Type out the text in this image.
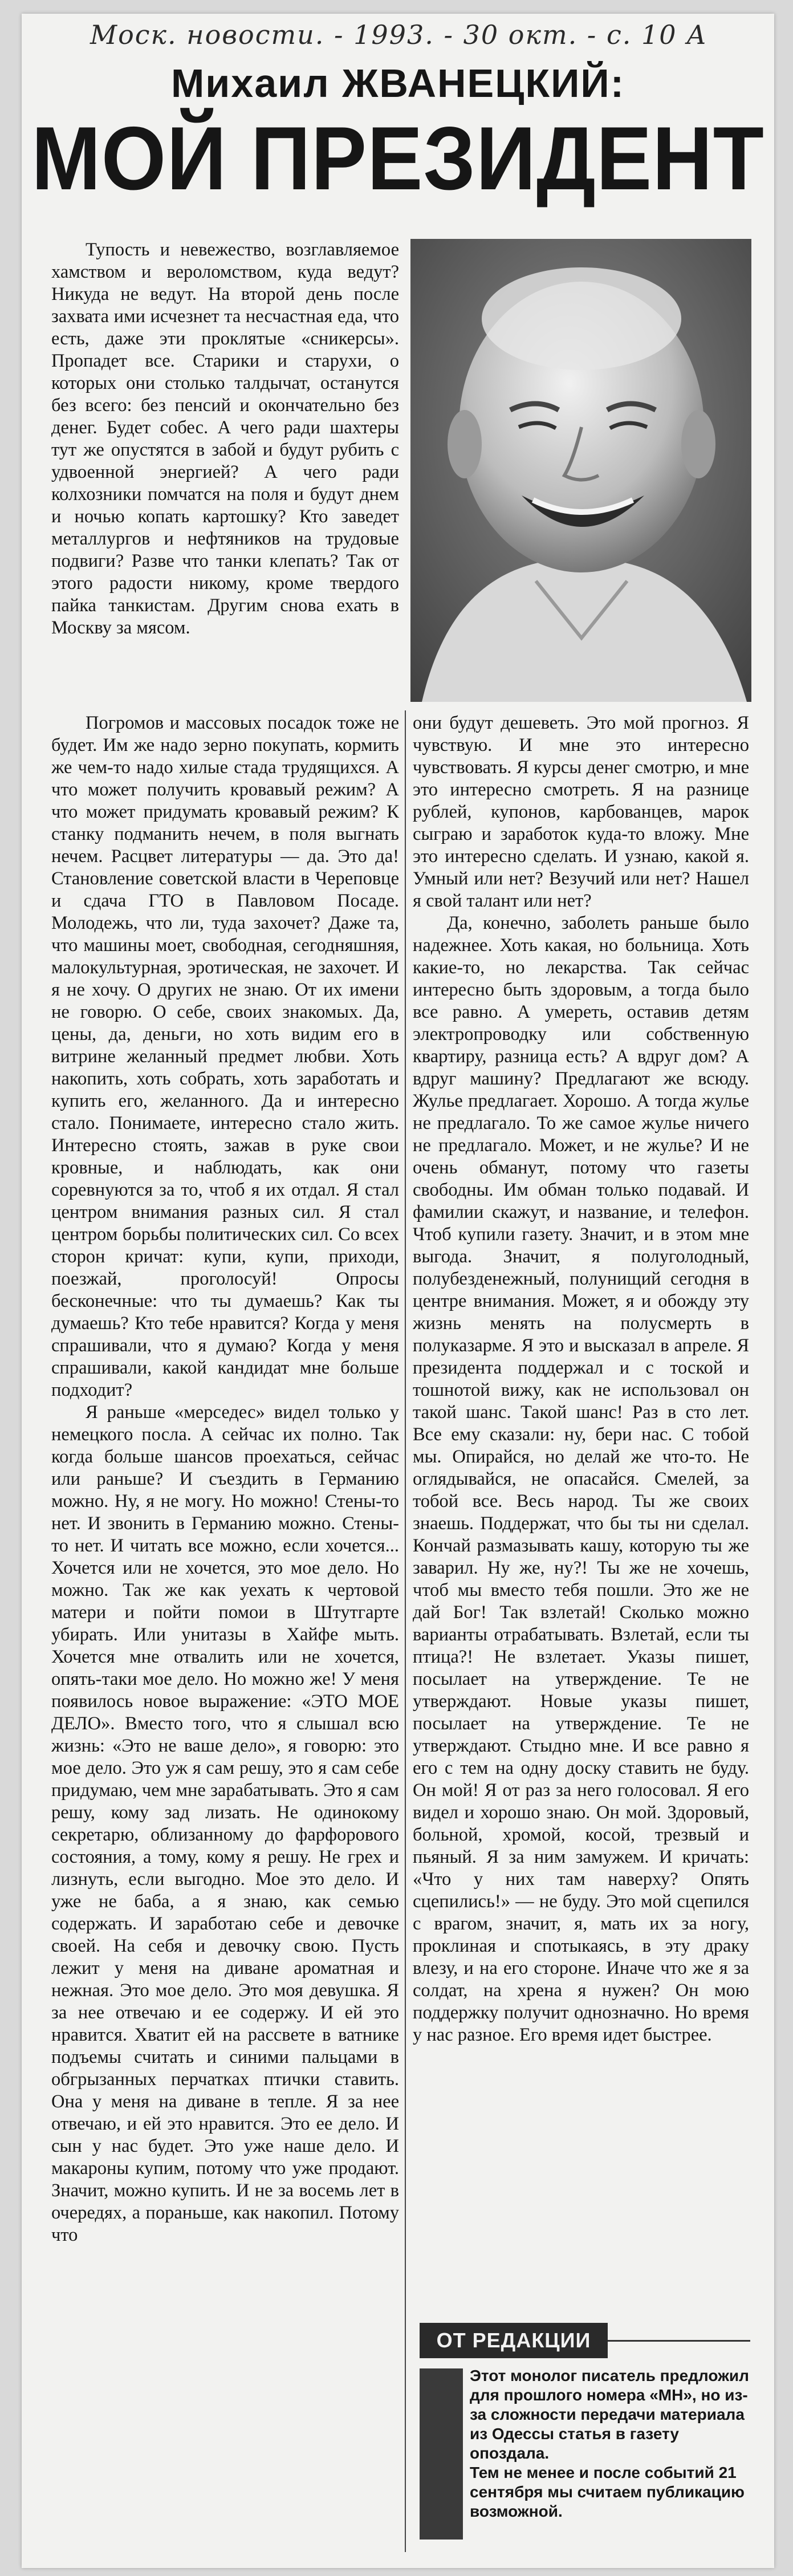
Моск. новости. - 1993. - 30 окт. - с. 10 А
Михаил ЖВАНЕЦКИЙ:
МОЙ ПРЕЗИДЕНТ

Тупость и невежество, возглавляемое хамством и вероломством, куда ведут? Никуда не ведут. На второй день после захвата ими исчезнет та несчастная еда, что есть, даже эти проклятые «сникерсы». Пропадет все. Старики и старухи, о которых они столько талдычат, останутся без всего: без пенсий и окончательно без денег. Будет собес. А чего ради шахтеры тут же опустятся в забой и будут рубить с удвоенной энергией? А чего ради колхозники помчатся на поля и будут днем и ночью копать картошку? Кто заведет металлургов и нефтяников на трудовые подвиги? Разве что танки клепать? Так от этого радости никому, кроме твердого пайка танкистам. Другим снова ехать в Москву за мясом.

Погромов и массовых посадок тоже не будет. Им же надо зерно покупать, кормить же чем-то надо хилые стада трудящихся. А что может получить кровавый режим? А что может придумать кровавый режим? К станку подманить нечем, в поля выгнать нечем. Расцвет литературы — да. Это да! Становление советской власти в Череповце и сдача ГТО в Павловом Посаде. Молодежь, что ли, туда захочет? Даже та, что машины моет, свободная, сегодняшняя, малокультурная, эротическая, не захочет. И я не хочу. О других не знаю. От их имени не говорю. О себе, своих знакомых. Да, цены, да, деньги, но хоть видим его в витрине желанный предмет любви. Хоть накопить, хоть собрать, хоть заработать и купить его, желанного. Да и интересно стало. Понимаете, интересно стало жить. Интересно стоять, зажав в руке свои кровные, и наблюдать, как они соревнуются за то, чтоб я их отдал. Я стал центром внимания разных сил. Я стал центром борьбы политических сил. Со всех сторон кричат: купи, купи, приходи, поезжай, проголосуй! Опросы бесконечные: что ты думаешь? Как ты думаешь? Кто тебе нравится? Когда у меня спрашивали, что я думаю? Когда у меня спрашивали, какой кандидат мне больше подходит?

Я раньше «мерседес» видел только у немецкого посла. А сейчас их полно. Так когда больше шансов проехаться, сейчас или раньше? И съездить в Германию можно. Ну, я не могу. Но можно! Стены-то нет. И звонить в Германию можно. Стены-то нет. И читать все можно, если хочется... Хочется или не хочется, это мое дело. Но можно. Так же как уехать к чертовой матери и пойти помои в Штутгарте убирать. Или унитазы в Хайфе мыть. Хочется мне отвалить или не хочется, опять-таки мое дело. Но можно же! У меня появилось новое выражение: «ЭТО МОЕ ДЕЛО». Вместо того, что я слышал всю жизнь: «Это не ваше дело», я говорю: это мое дело. Это уж я сам решу, это я сам себе придумаю, чем мне зарабатывать. Это я сам решу, кому зад лизать. Не одинокому секретарю, облизанному до фарфорового состояния, а тому, кому я решу. Не грех и лизнуть, если выгодно. Мое это дело. И уже не баба, а я знаю, как семью содержать. И заработаю себе и девочке своей. На себя и девочку свою. Пусть лежит у меня на диване ароматная и нежная. Это мое дело. Это моя девушка. Я за нее отвечаю и ее содержу. И ей это нравится. Хватит ей на рассвете в ватнике подъемы считать и синими пальцами в обгрызанных перчатках птички ставить. Она у меня на диване в тепле. Я за нее отвечаю, и ей это нравится. Это ее дело. И сын у нас будет. Это уже наше дело. И макароны купим, потому что уже продают. Значит, можно купить. И не за восемь лет в очередях, а пораньше, как накопил. Потому что

они будут дешеветь. Это мой прогноз. Я чувствую. И мне это интересно чувствовать. Я курсы денег смотрю, и мне это интересно смотреть. Я на разнице рублей, купонов, карбованцев, марок сыграю и заработок куда-то вложу. Мне это интересно сделать. И узнаю, какой я. Умный или нет? Везучий или нет? Нашел я свой талант или нет?

Да, конечно, заболеть раньше было надежнее. Хоть какая, но больница. Хоть какие-то, но лекарства. Так сейчас интересно быть здоровым, а тогда было все равно. А умереть, оставив детям электропроводку или собственную квартиру, разница есть? А вдруг дом? А вдруг машину? Предлагают же всюду. Жулье предлагает. Хорошо. А тогда жулье не предлагало. То же самое жулье ничего не предлагало. Может, и не жулье? И не очень обманут, потому что газеты свободны. Им обман только подавай. И фамилии скажут, и название, и телефон. Чтоб купили газету. Значит, и в этом мне выгода. Значит, я полуголодный, полубезденежный, полунищий сегодня в центре внимания. Может, я и обожду эту жизнь менять на полусмерть в полуказарме. Я это и высказал в апреле. Я президента поддержал и с тоской и тошнотой вижу, как не использовал он такой шанс. Такой шанс! Раз в сто лет. Все ему сказали: ну, бери нас. С тобой мы. Опирайся, но делай же что-то. Не оглядывайся, не опасайся. Смелей, за тобой все. Весь народ. Ты же своих знаешь. Поддержат, что бы ты ни сделал. Кончай размазывать кашу, которую ты же заварил. Ну же, ну?! Ты же не хочешь, чтоб мы вместо тебя пошли. Это же не дай Бог! Так взлетай! Сколько можно варианты отрабатывать. Взлетай, если ты птица?! Не взлетает. Указы пишет, посылает на утверждение. Те не утверждают. Новые указы пишет, посылает на утверждение. Те не утверждают. Стыдно мне. И все равно я его с тем на одну доску ставить не буду. Он мой! Я от раз за него голосовал. Я его видел и хорошо знаю. Он мой. Здоровый, больной, хромой, косой, трезвый и пьяный. Я за ним замужем. И кричать: «Что у них там наверху? Опять сцепились!» — не буду. Это мой сцепился с врагом, значит, я, мать их за ногу, проклиная и спотыкаясь, в эту драку влезу, и на его стороне. Иначе что же я за солдат, на хрена я нужен? Он мою поддержку получит однозначно. Но время у нас разное. Его время идет быстрее.

ОТ РЕДАКЦИИ

Этот монолог писатель предложил для прошлого номера «МН», но из-за сложности передачи материала из Одессы статья в газету опоздала.

Тем не менее и после событий 21 сентября мы считаем публикацию возможной.
